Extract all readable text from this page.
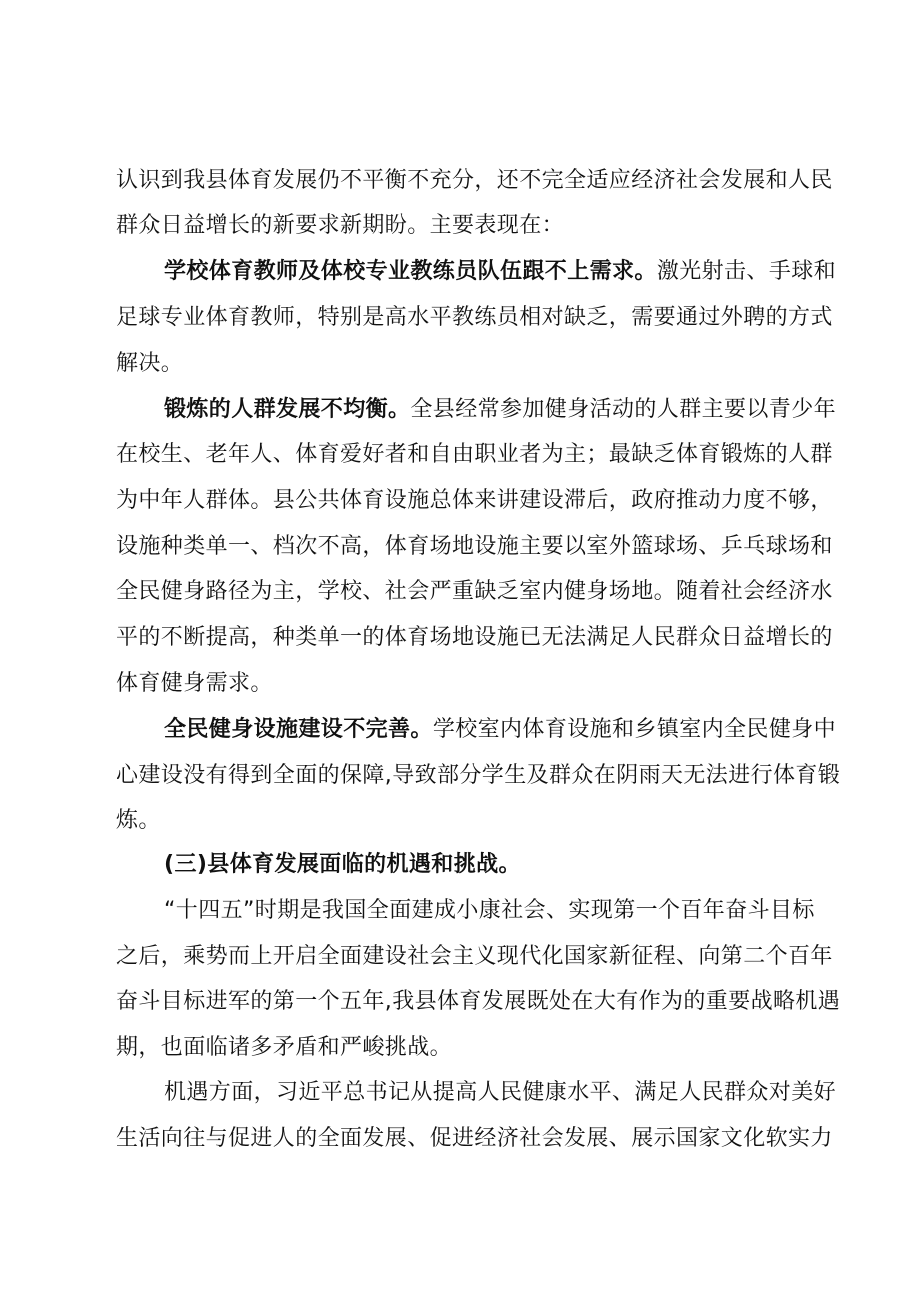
认识到我县体育发展仍不平衡不充分，还不完全适应经济社会发展和人民
群众日益增长的新要求新期盼。主要表现在：
学校体育教师及体校专业教练员队伍跟不上需求。激光射击、手球和
足球专业体育教师，特别是高水平教练员相对缺乏，需要通过外聘的方式
解决。
锻炼的人群发展不均衡。全县经常参加健身活动的人群主要以青少年
在校生、老年人、体育爱好者和自由职业者为主；最缺乏体育锻炼的人群
为中年人群体。县公共体育设施总体来讲建设滞后，政府推动力度不够，
设施种类单一、档次不高，体育场地设施主要以室外篮球场、乒乓球场和
全民健身路径为主，学校、社会严重缺乏室内健身场地。随着社会经济水
平的不断提高，种类单一的体育场地设施已无法满足人民群众日益增长的
体育健身需求。
全民健身设施建设不完善。学校室内体育设施和乡镇室内全民健身中
心建设没有得到全面的保障,导致部分学生及群众在阴雨天无法进行体育锻
炼。
(三)县体育发展面临的机遇和挑战。
“十四五”时期是我国全面建成小康社会、实现第一个百年奋斗目标
之后，乘势而上开启全面建设社会主义现代化国家新征程、向第二个百年
奋斗目标进军的第一个五年,我县体育发展既处在大有作为的重要战略机遇
期，也面临诸多矛盾和严峻挑战。
机遇方面，习近平总书记从提高人民健康水平、满足人民群众对美好
生活向往与促进人的全面发展、促进经济社会发展、展示国家文化软实力
